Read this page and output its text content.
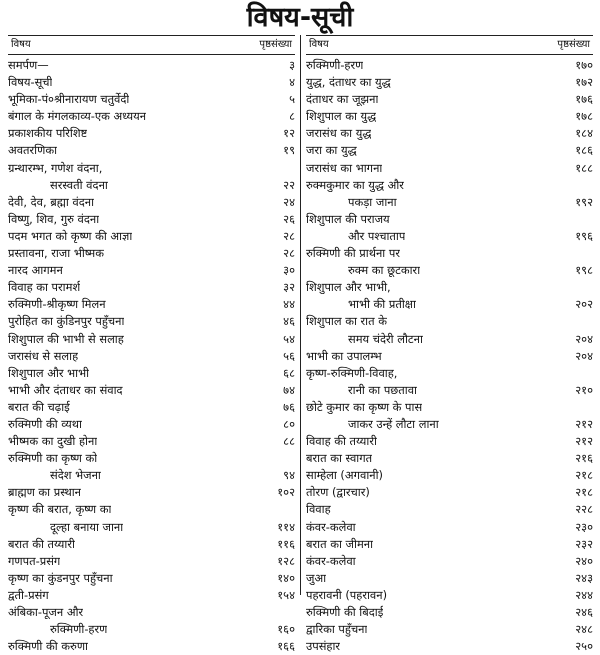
विषय-सूची
विषय	पृष्ठसंख्या
समर्पण—	३
विषय-सूची	४
भूमिका-पं०श्रीनारायण चतुर्वेदी	५
बंगाल के मंगलकाव्य-एक अध्ययन	८
प्रकाशकीय परिशिष्ट	१२
अवतरणिका	१९
ग्रन्थारम्भ, गणेश वंदना,
सरस्वती वंदना	२२
देवी, देव, ब्रह्मा वंदना	२४
विष्णु, शिव, गुरु वंदना	२६
पदम भगत को कृष्ण की आज्ञा	२८
प्रस्तावना, राजा भीष्मक	२८
नारद आगमन	३०
विवाह का परामर्श	३२
रुक्मिणी-श्रीकृष्ण मिलन	४४
पुरोहित का कुंडिनपुर पहुँचना	४६
शिशुपाल की भाभी से सलाह	५४
जरासंध से सलाह	५६
शिशुपाल और भाभी	६८
भाभी और दंताधर का संवाद	७४
बरात की चढ़ाई	७६
रुक्मिणी की व्यथा	८०
भीष्मक का दुखी होना	८८
रुक्मिणी का कृष्ण को
संदेश भेजना	९४
ब्राह्मण का प्रस्थान	१०२
कृष्ण की बरात, कृष्ण का
दूल्हा बनाया जाना	११४
बरात की तय्यारी	११६
गणपत-प्रसंग	१२८
कृष्ण का कुंडनपुर पहुँचना	१४०
द्वती-प्रसंग	१५४
अंबिका-पूजन और
रुक्मिणी-हरण	१६०
रुक्मिणी की करुणा	१६६
विषय	पृष्ठसंख्या
रुक्मिणी-हरण	१७०
युद्ध, दंताधर का युद्ध	१७२
दंताधर का जूझना	१७६
शिशुपाल का युद्ध	१७८
जरासंध का युद्ध	१८४
जरा का युद्ध	१८६
जरासंध का भागना	१८८
रुक्मकुमार का युद्ध और
पकड़ा जाना	१९२
शिशुपाल की पराजय
और पश्चाताप	१९६
रुक्मिणी की प्रार्थना पर
रुक्म का छूटकारा	१९८
शिशुपाल और भाभी,
भाभी की प्रतीक्षा	२०२
शिशुपाल का रात के
समय चंदेरी लौटना	२०४
भाभी का उपालम्भ	२०४
कृष्ण-रुक्मिणी-विवाह,
रानी का पछतावा	२१०
छोटे कुमार का कृष्ण के पास
जाकर उन्हें लौटा लाना	२१२
विवाह की तय्यारी	२१२
बरात का स्वागत	२१६
साम्हेला (अगवानी)	२१८
तोरण (द्वारचार)	२१८
विवाह	२२८
कंवर-कलेवा	२३०
बरात का जीमना	२३२
कंवर-कलेवा	२४०
जुआ	२४३
पहरावनी (पहरावन)	२४४
रुक्मिणी की बिदाई	२४६
द्वारिका पहुँचना	२४८
उपसंहार	२५०
